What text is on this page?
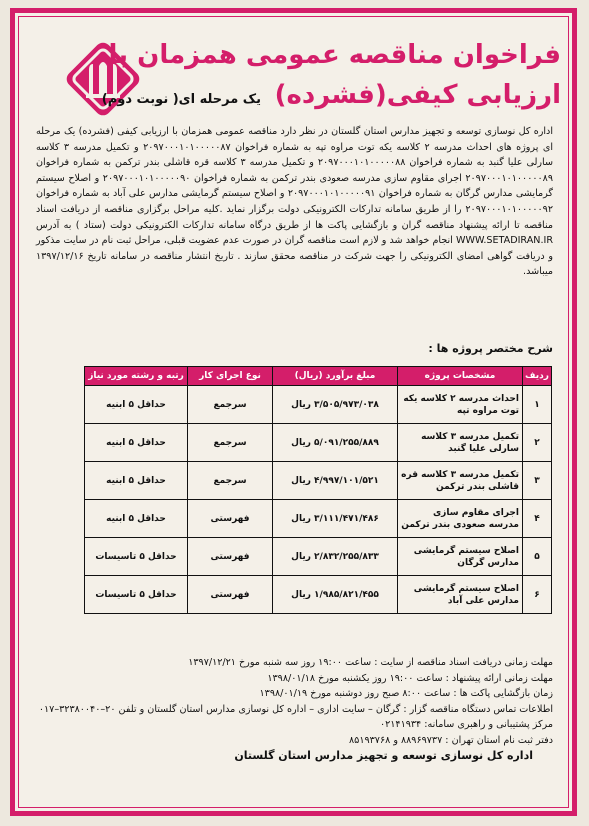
فراخوان مناقصه عمومی همزمان با
ارزیابی کیفی(فشرده)
یک مرحله ای( نوبت دوم)
اداره کل نوسازی توسعه و تجهیز مدارس استان گلستان در نظر دارد مناقصه عمومی همزمان با ارزیابی کیفی (فشرده) یک مرحله ای پروژه های احداث مدرسه ۲ کلاسه یکه توت مراوه تپه به شماره فراخوان ۲۰۹۷۰۰۰۱۰۱۰۰۰۰۰۸۷ و تکمیل مدرسه ۳ کلاسه سارلی علیا گنبد به شماره فراخوان ۲۰۹۷۰۰۰۱۰۱۰۰۰۰۰۸۸ و تکمیل مدرسه ۳ کلاسه قره قاشلی بندر ترکمن به شماره فراخوان ۲۰۹۷۰۰۰۱۰۱۰۰۰۰۰۸۹ اجرای مقاوم سازی مدرسه صعودی بندر ترکمن به شماره فراخوان ۲۰۹۷۰۰۰۱۰۱۰۰۰۰۰۹۰ و اصلاح سیستم گرمایشی مدارس گرگان به شماره فراخوان ۲۰۹۷۰۰۰۱۰۱۰۰۰۰۰۹۱ و اصلاح سیستم گرمایشی مدارس علی آباد به شماره فراخوان ۲۰۹۷۰۰۰۱۰۱۰۰۰۰۰۹۲ را از طریق سامانه تدارکات الکترونیکی دولت برگزار نماید .کلیه مراحل برگزاری مناقصه از دریافت اسناد مناقصه تا ارائه پیشنهاد مناقصه گران و بازگشایی پاکت ها از طریق درگاه سامانه تدارکات الکترونیکی دولت (ستاد ) به آدرس WWW.SETADIRAN.IR انجام خواهد شد و لازم است مناقصه گران در صورت عدم عضویت قبلی، مراحل ثبت نام در سایت مذکور و دریافت گواهی امضای الکترونیکی را جهت شرکت در مناقصه محقق سازند . تاریخ انتشار مناقصه در سامانه تاریخ ۱۳۹۷/۱۲/۱۶ میباشد.
شرح مختصر پروژه ها :
ردیف	مشخصات پروژه	مبلغ برآورد (ریال)	نوع اجرای کار	رتبه و رشته مورد نیاز
۱	احداث مدرسه ۲ کلاسه یکه توت مراوه تپه	۳/۵۰۵/۹۷۳/۰۳۸ ریال	سرجمع	حداقل ۵ ابنیه
۲	تکمیل مدرسه ۳ کلاسه سارلی علیا گنبد	۵/۰۹۱/۲۵۵/۸۸۹ ریال	سرجمع	حداقل ۵ ابنیه
۳	تکمیل مدرسه ۳ کلاسه قره قاشلی بندر ترکمن	۴/۹۹۷/۱۰۱/۵۲۱ ریال	سرجمع	حداقل ۵ ابنیه
۴	اجرای مقاوم سازی مدرسه صعودی بندر ترکمن	۳/۱۱۱/۴۷۱/۴۸۶ ریال	فهرستی	حداقل ۵ ابنیه
۵	اصلاح سیستم گرمایشی مدارس گرگان	۲/۸۳۲/۲۵۵/۸۳۳ ریال	فهرستی	حداقل ۵ تاسیسات
۶	اصلاح سیستم گرمایشی مدارس علی آباد	۱/۹۸۵/۸۲۱/۴۵۵ ریال	فهرستی	حداقل ۵ تاسیسات
مهلت زمانی دریافت اسناد مناقصه از سایت : ساعت ۱۹:۰۰ روز سه شنبه مورخ ۱۳۹۷/۱۲/۲۱
مهلت زمانی ارائه پیشنهاد : ساعت ۱۹:۰۰ روز یکشنبه مورخ ۱۳۹۸/۰۱/۱۸
زمان بازگشایی پاکت ها : ساعت ۸:۰۰ صبح روز دوشنبه مورخ ۱۳۹۸/۰۱/۱۹
اطلاعات تماس دستگاه مناقصه گزار : گرگان – سایت اداری – اداره کل نوسازی مدارس استان گلستان و تلفن ۲۰–۳۲۳۸۰۰۴۰–۰۱۷
مرکز پشتیبانی و راهبری سامانه: ۰۲۱۴۱۹۳۴
دفتر ثبت نام استان تهران : ۸۸۹۶۹۷۳۷ و ۸۵۱۹۳۷۶۸
اداره کل نوسازی توسعه و تجهیز مدارس استان گلستان
